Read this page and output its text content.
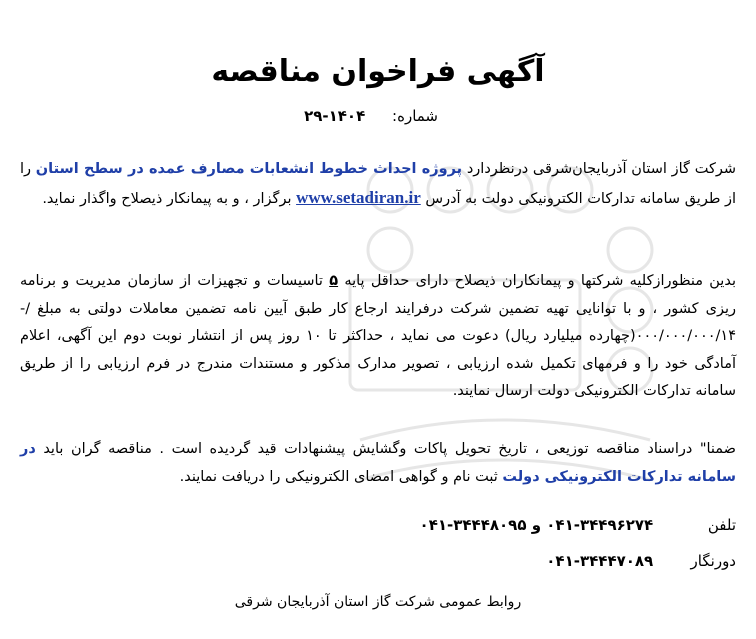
آگهی فراخوان مناقصه
شماره: ۲۹-۱۴۰۴
شرکت گاز استان آذربایجان‌شرقی درنظردارد پروژه احداث خطوط انشعابات مصارف عمده در سطح استان را از طریق سامانه تدارکات الکترونیکی دولت به آدرس www.setadiran.ir برگزار ، و به پیمانکار ذیصلاح واگذار نماید.
بدین منظورازکلیه شرکتها و پیمانکاران ذیصلاح دارای حداقل پایه ۵ تاسیسات و تجهیزات از سازمان مدیریت و برنامه ریزی کشور ، و با توانایی تهیه تضمین شرکت درفرایند ارجاع کار طبق آیین نامه تضمین معاملات دولتی به مبلغ -/۰۰۰/۰۰۰/۰۰۰/۱۴(چهارده میلیارد ریال) دعوت می نماید ، حداکثر تا ۱۰ روز پس از انتشار نوبت دوم این آگهی، اعلام آمادگی خود را و فرمهای تکمیل شده ارزیابی ، تصویر مدارک مذکور و مستندات مندرج در فرم ارزیابی را از طریق سامانه تدارکات الکترونیکی دولت ارسال نمایند.
ضمنا" دراسناد مناقصه توزیعی ، تاریخ تحویل پاکات وگشایش پیشنهادات قید گردیده است . مناقصه گران باید در سامانه تدارکات الکترونیکی دولت ثبت نام و گواهی امضای الکترونیکی را دریافت نمایند.
تلفن ۰۴۱-۳۴۴۹۶۲۷۴ و ۳۴۴۴۸۰۹۵-۰۴۱
دورنگار ۰۴۱-۳۴۴۴۷۰۸۹
روابط عمومی شرکت گاز استان آذربایجان شرقی
